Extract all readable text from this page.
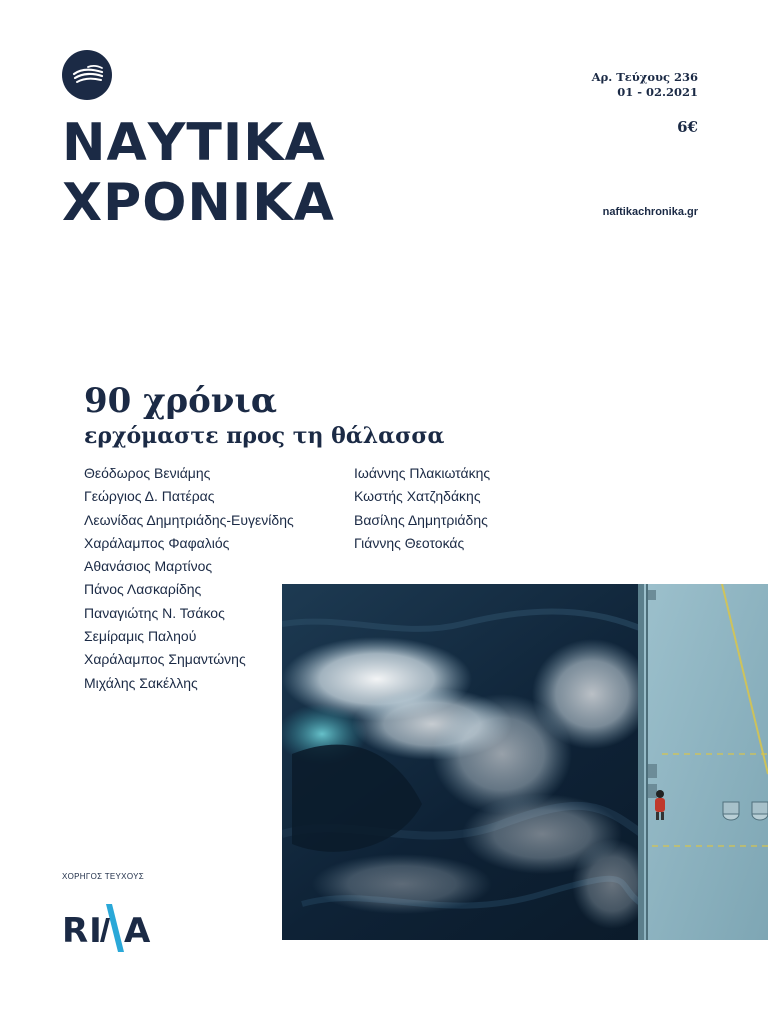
ΝΑΥΤΙΚΑ
ΧΡΟΝΙΚΑ
Αρ. Τεύχους 236
01 - 02.2021
6€
naftikachronika.gr
90 χρόνια
ερχόμαστε προς τη θάλασσα
Θεόδωρος Βενιάμης
Γεώργιος Δ. Πατέρας
Λεωνίδας Δημητριάδης-Ευγενίδης
Χαράλαμπος Φαφαλιός
Αθανάσιος Μαρτίνος
Πάνος Λασκαρίδης
Παναγιώτης Ν. Τσάκος
Σεμίραμις Παληού
Χαράλαμπος Σημαντώνης
Μιχάλης Σακέλλης
Ιωάννης Πλακιωτάκης
Κωστής Χατζηδάκης
Βασίλης Δημητριάδης
Γιάννης Θεοτοκάς
ΧΟΡΗΓΟΣ ΤΕΥΧΟΥΣ
RI A
